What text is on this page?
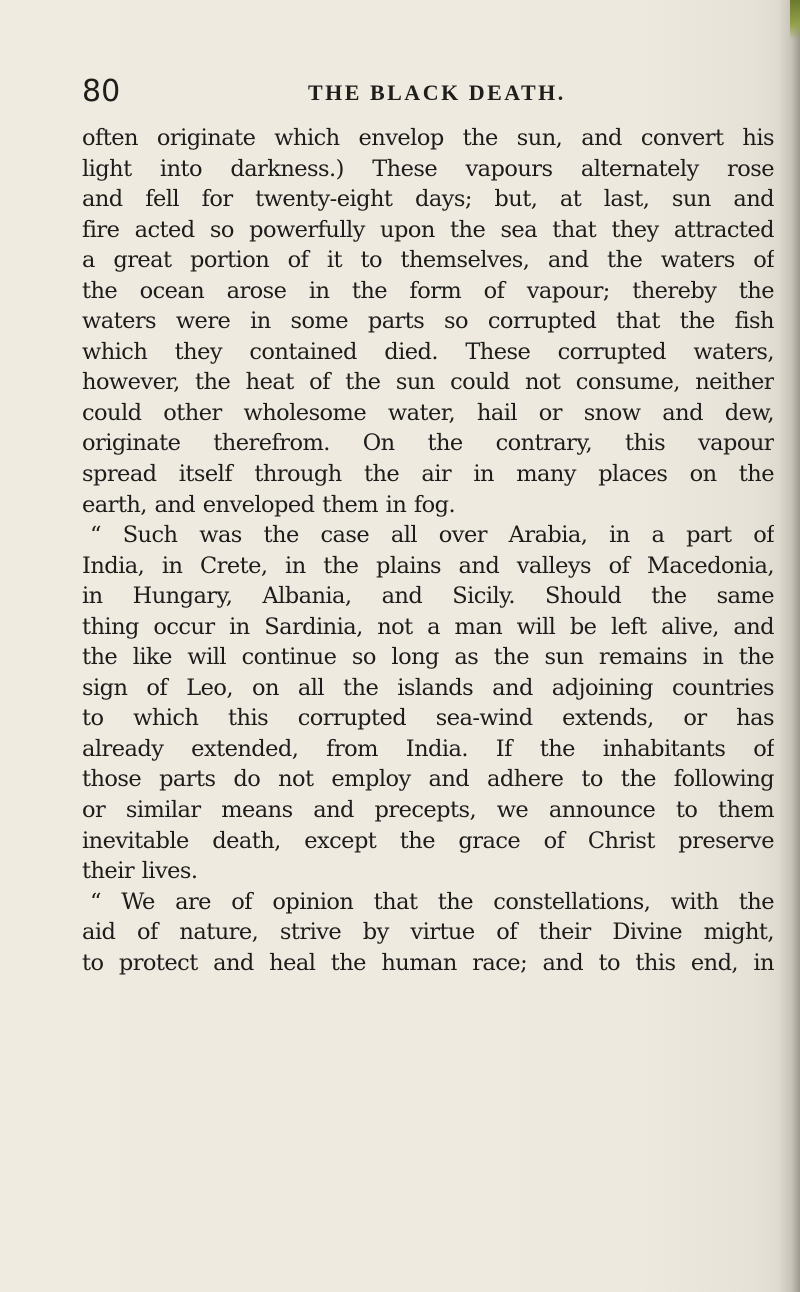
80	THE BLACK DEATH.
often originate which envelop the sun, and convert his
light into darkness.) These vapours alternately rose
and fell for twenty-eight days; but, at last, sun and
fire acted so powerfully upon the sea that they attracted
a great portion of it to themselves, and the waters of
the ocean arose in the form of vapour; thereby the
waters were in some parts so corrupted that the fish
which they contained died. These corrupted waters,
however, the heat of the sun could not consume, neither
could other wholesome water, hail or snow and dew,
originate therefrom. On the contrary, this vapour
spread itself through the air in many places on the
earth, and enveloped them in fog.
“ Such was the case all over Arabia, in a part of
India, in Crete, in the plains and valleys of Macedonia,
in Hungary, Albania, and Sicily. Should the same
thing occur in Sardinia, not a man will be left alive, and
the like will continue so long as the sun remains in the
sign of Leo, on all the islands and adjoining countries
to which this corrupted sea-wind extends, or has
already extended, from India. If the inhabitants of
those parts do not employ and adhere to the following
or similar means and precepts, we announce to them
inevitable death, except the grace of Christ preserve
their lives.
“ We are of opinion that the constellations, with the
aid of nature, strive by virtue of their Divine might,
to protect and heal the human race; and to this end, in
